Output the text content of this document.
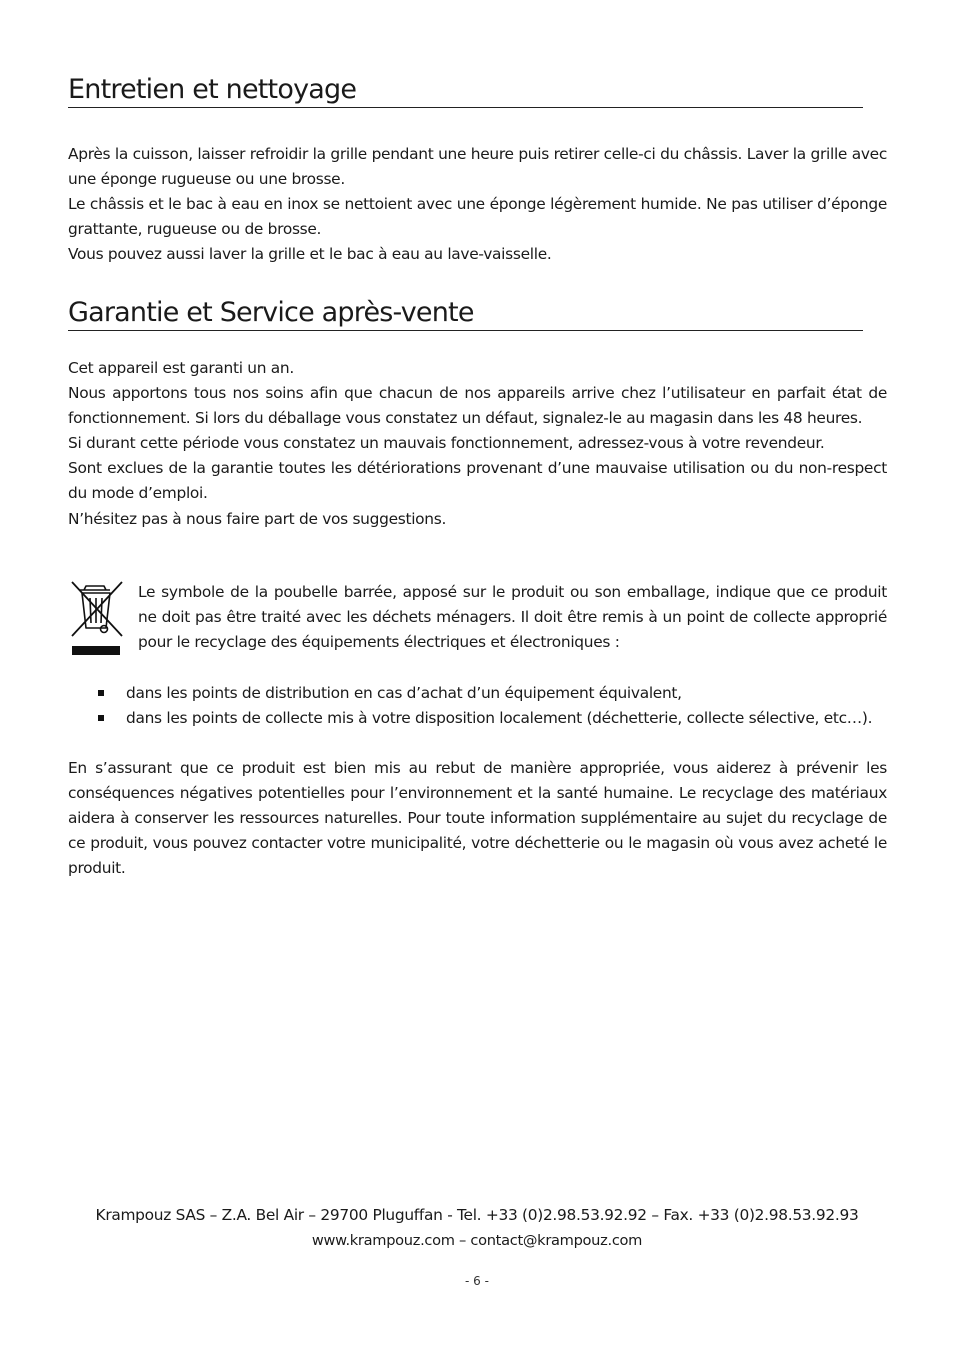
Entretien et nettoyage

Après la cuisson, laisser refroidir la grille pendant une heure puis retirer celle-ci du châssis. Laver la grille avec une éponge rugueuse ou une brosse.

Le châssis et le bac à eau en inox se nettoient avec une éponge légèrement humide. Ne pas utiliser d’éponge grattante, rugueuse ou de brosse.

Vous pouvez aussi laver la grille et le bac à eau au lave-vaisselle.

Garantie et Service après-vente

Cet appareil est garanti un an.

Nous apportons tous nos soins afin que chacun de nos appareils arrive chez l’utilisateur en parfait état de fonctionnement. Si lors du déballage vous constatez un défaut, signalez-le au magasin dans les 48 heures.

Si durant cette période vous constatez un mauvais fonctionnement, adressez-vous à votre revendeur.

Sont exclues de la garantie toutes les détériorations provenant d’une mauvaise utilisation ou du non-respect du mode d’emploi.

N’hésitez pas à nous faire part de vos suggestions.

Le symbole de la poubelle barrée, apposé sur le produit ou son emballage, indique que ce produit ne doit pas être traité avec les déchets ménagers. Il doit être remis à un point de collecte approprié pour le recyclage des équipements électriques et électroniques :

dans les points de distribution en cas d’achat d’un équipement équivalent,
dans les points de collecte mis à votre disposition localement (déchetterie, collecte sélective, etc…).

En s’assurant que ce produit est bien mis au rebut de manière appropriée, vous aiderez à prévenir les conséquences négatives potentielles pour l’environnement et la santé humaine. Le recyclage des matériaux aidera à conserver les ressources naturelles. Pour toute information supplémentaire au sujet du recyclage de ce produit, vous pouvez contacter votre municipalité, votre déchetterie ou le magasin où vous avez acheté le produit.

Krampouz SAS – Z.A. Bel Air – 29700 Pluguffan - Tel. +33 (0)2.98.53.92.92 – Fax. +33 (0)2.98.53.92.93
www.krampouz.com – contact@krampouz.com
- 6 -
